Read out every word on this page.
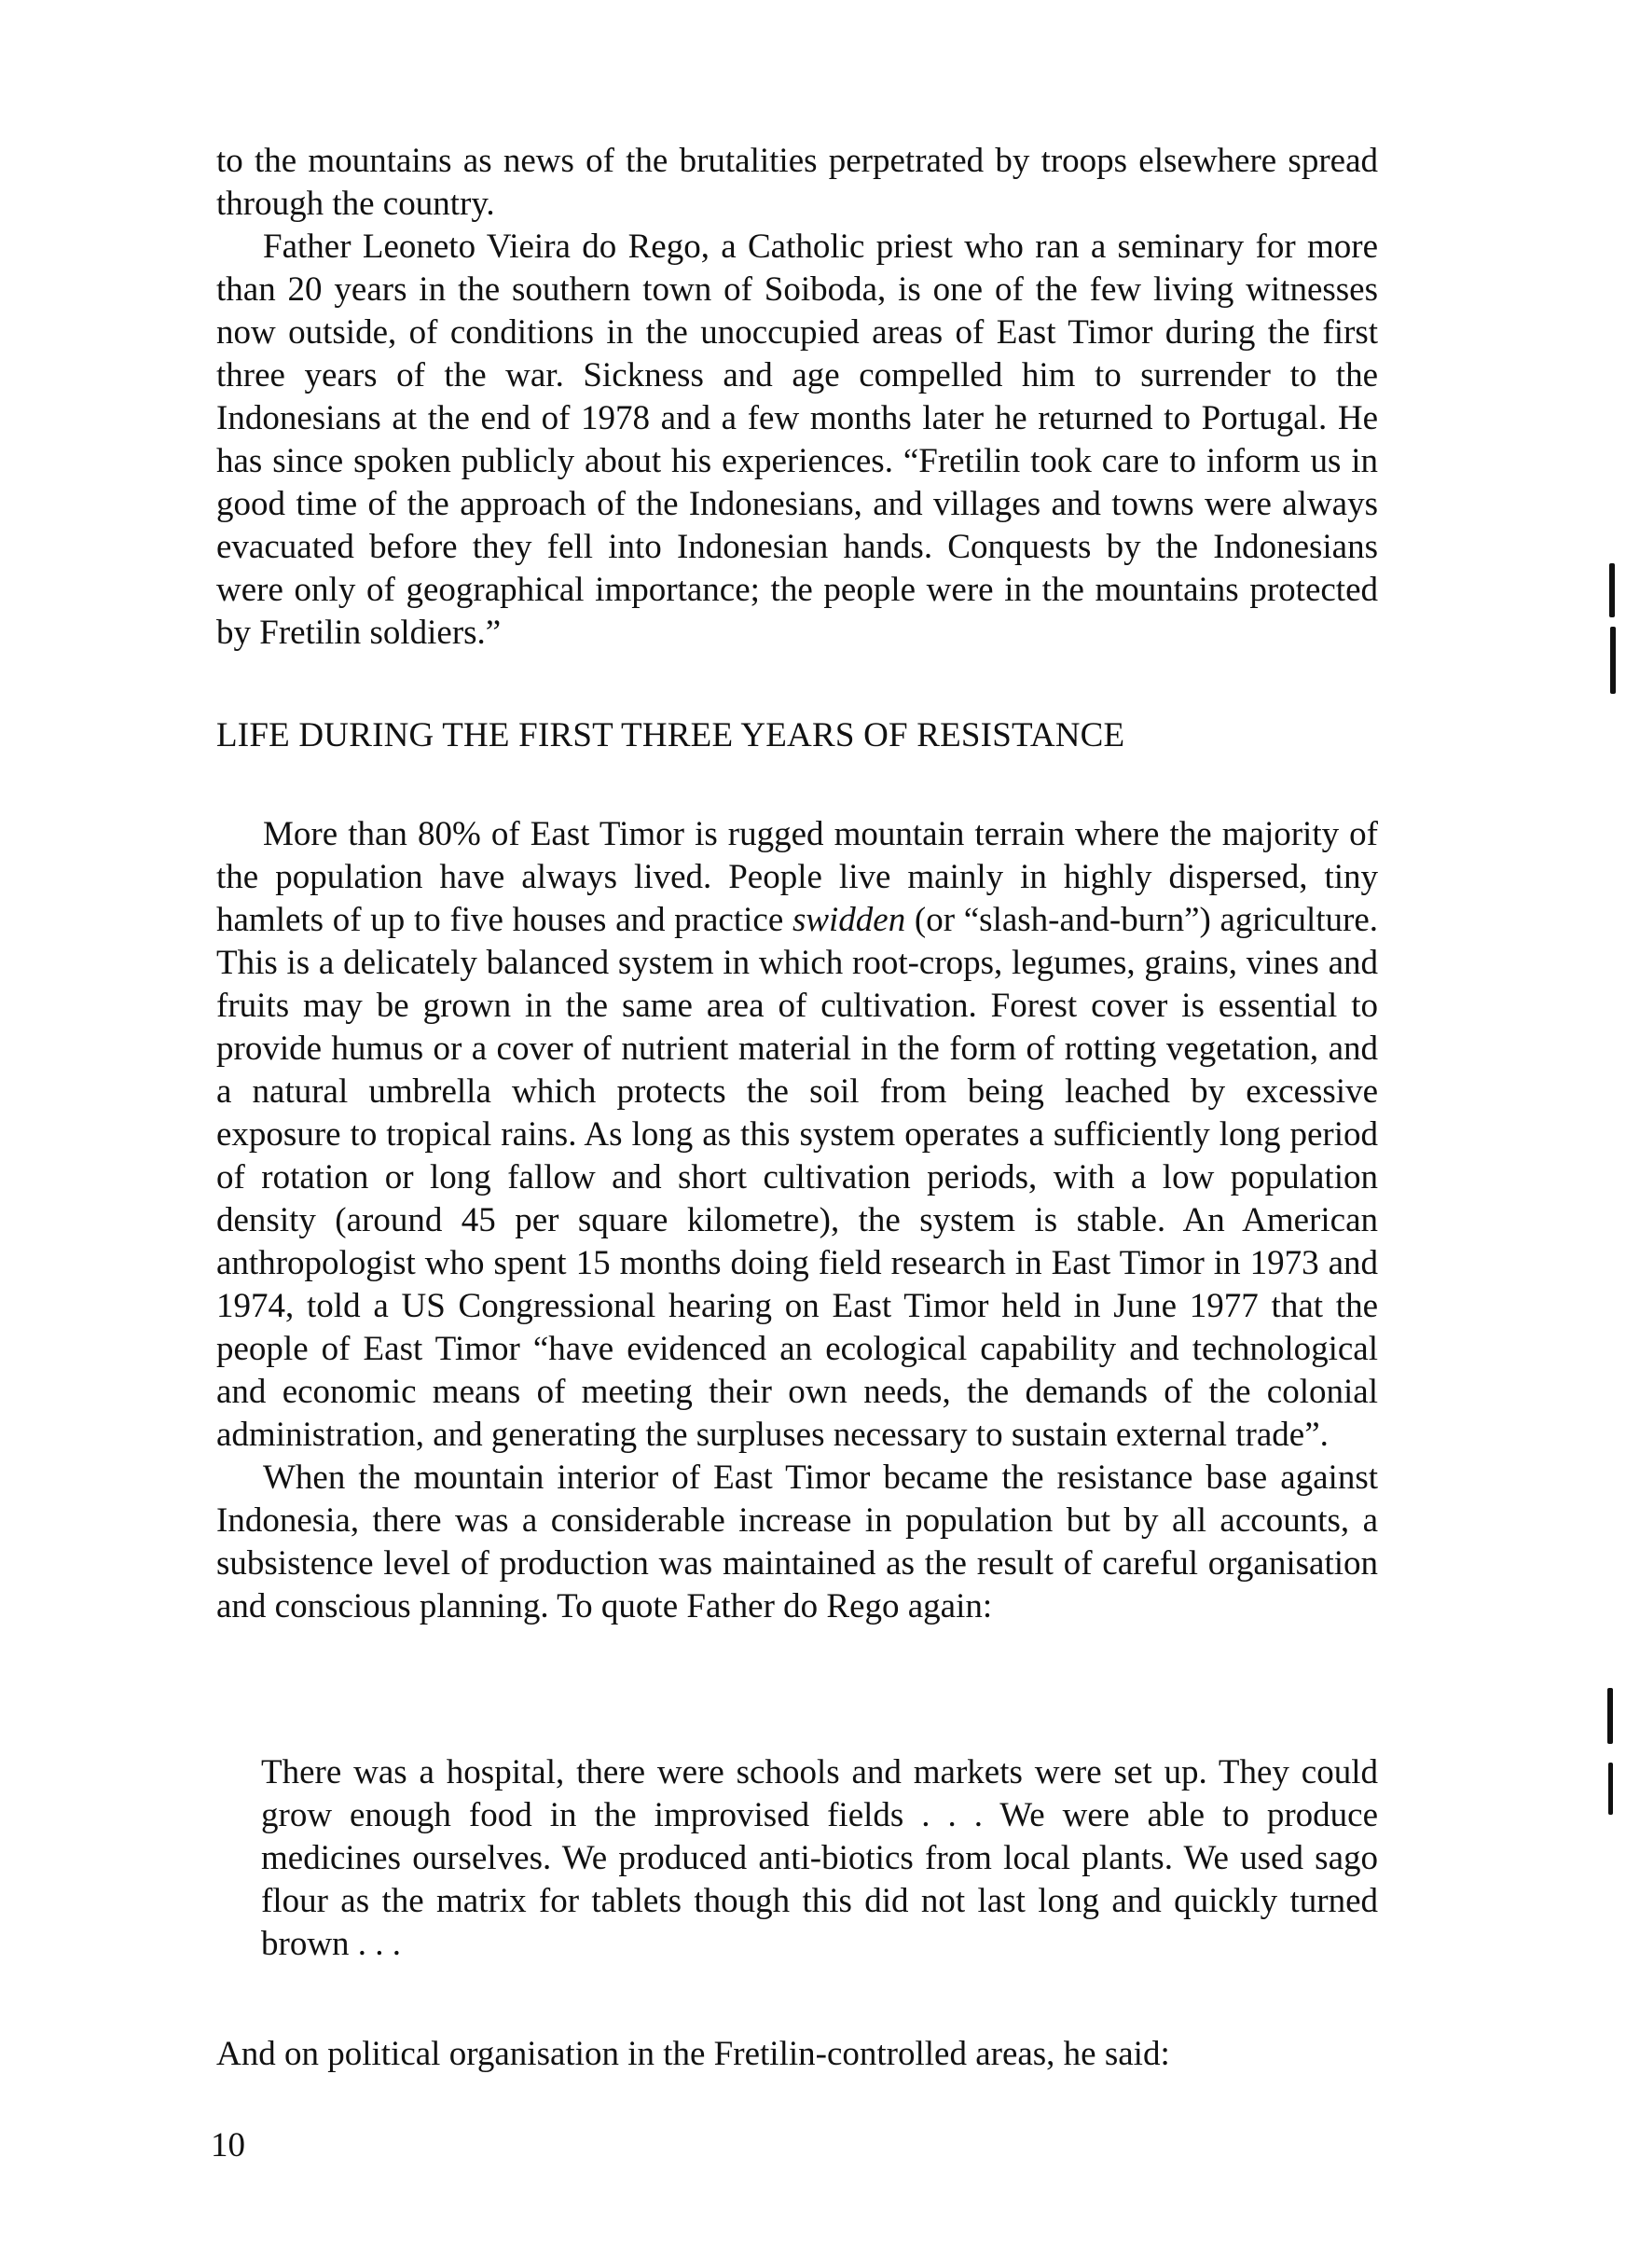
to the mountains as news of the brutalities perpetrated by troops elsewhere spread through the country.

Father Leoneto Vieira do Rego, a Catholic priest who ran a seminary for more than 20 years in the southern town of Soiboda, is one of the few living witnesses now outside, of conditions in the unoccupied areas of East Timor during the first three years of the war. Sickness and age compelled him to surrender to the Indonesians at the end of 1978 and a few months later he returned to Portugal. He has since spoken publicly about his experiences. “Fretilin took care to inform us in good time of the approach of the Indonesians, and villages and towns were always evacuated before they fell into Indonesian hands. Conquests by the Indonesians were only of geographical importance; the people were in the mountains protected by Fretilin soldiers.”

LIFE DURING THE FIRST THREE YEARS OF RESISTANCE

More than 80% of East Timor is rugged mountain terrain where the majority of the population have always lived. People live mainly in highly dispersed, tiny hamlets of up to five houses and practice swidden (or “slash-and-burn”) agriculture. This is a delicately balanced system in which root-crops, legumes, grains, vines and fruits may be grown in the same area of cultivation. Forest cover is essential to provide humus or a cover of nutrient material in the form of rotting vegetation, and a natural umbrella which protects the soil from being leached by excessive exposure to tropical rains. As long as this system operates a sufficiently long period of rotation or long fallow and short cultivation periods, with a low population density (around 45 per square kilometre), the system is stable. An American anthropologist who spent 15 months doing field research in East Timor in 1973 and 1974, told a US Congressional hearing on East Timor held in June 1977 that the people of East Timor “have evidenced an ecological capability and technological and economic means of meeting their own needs, the demands of the colonial administration, and generating the surpluses necessary to sustain external trade”.

When the mountain interior of East Timor became the resistance base against Indonesia, there was a considerable increase in population but by all accounts, a subsistence level of production was maintained as the result of careful organisation and conscious planning. To quote Father do Rego again:

There was a hospital, there were schools and markets were set up. They could grow enough food in the improvised fields . . . We were able to produce medicines ourselves. We produced anti-biotics from local plants. We used sago flour as the matrix for tablets though this did not last long and quickly turned brown . . .
And on political organisation in the Fretilin-controlled areas, he said:
10
